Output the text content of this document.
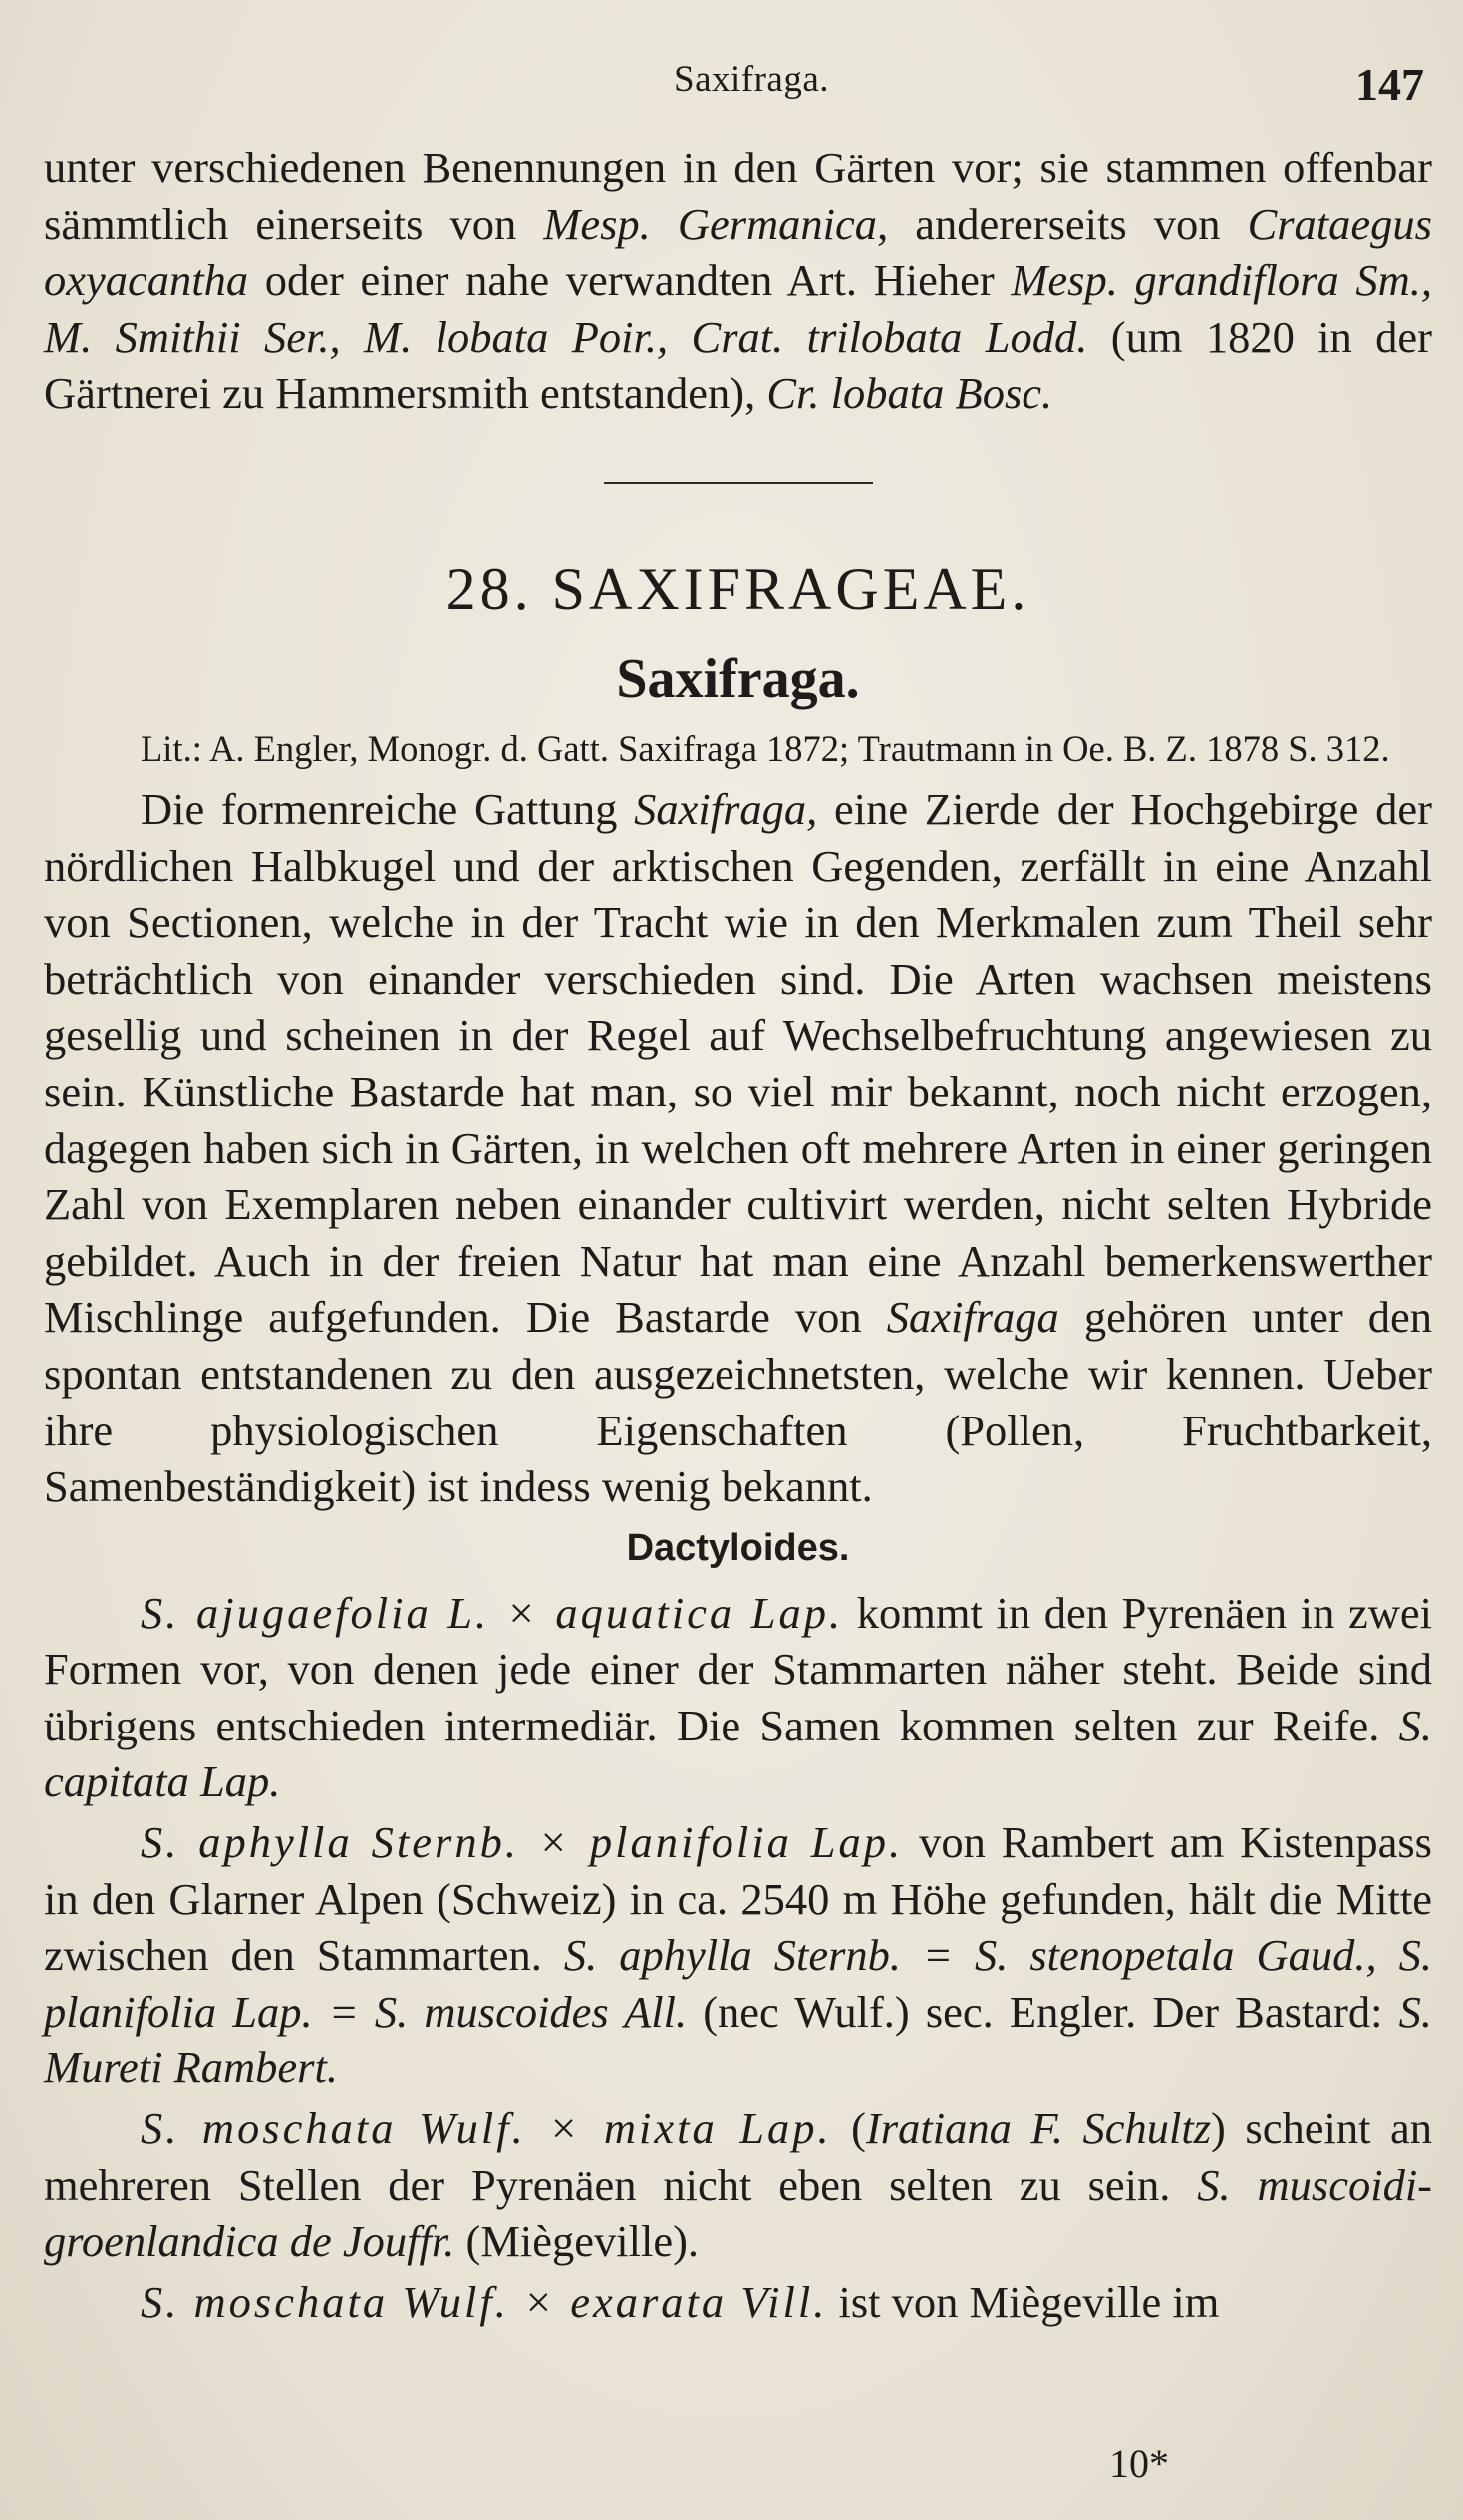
Saxifraga.	147

unter verschiedenen Benennungen in den Gärten vor; sie stammen offenbar sämmtlich einerseits von Mesp. Germanica, andererseits von Crataegus oxyacantha oder einer nahe verwandten Art. Hieher Mesp. grandiflora Sm., M. Smithii Ser., M. lobata Poir., Crat. trilobata Lodd. (um 1820 in der Gärtnerei zu Hammersmith entstanden), Cr. lobata Bosc.

28. SAXIFRAGEAE.
Saxifraga.

Lit.: A. Engler, Monogr. d. Gatt. Saxifraga 1872; Trautmann in Oe. B. Z. 1878 S. 312.

Die formenreiche Gattung Saxifraga, eine Zierde der Hochgebirge der nördlichen Halbkugel und der arktischen Gegenden, zerfällt in eine Anzahl von Sectionen, welche in der Tracht wie in den Merkmalen zum Theil sehr beträchtlich von einander verschieden sind. Die Arten wachsen meistens gesellig und scheinen in der Regel auf Wechselbefruchtung angewiesen zu sein. Künstliche Bastarde hat man, so viel mir bekannt, noch nicht erzogen, dagegen haben sich in Gärten, in welchen oft mehrere Arten in einer geringen Zahl von Exemplaren neben einander cultivirt werden, nicht selten Hybride gebildet. Auch in der freien Natur hat man eine Anzahl bemerkenswerther Mischlinge aufgefunden. Die Bastarde von Saxifraga gehören unter den spontan entstandenen zu den ausgezeichnetsten, welche wir kennen. Ueber ihre physiologischen Eigenschaften (Pollen, Fruchtbarkeit, Samenbeständigkeit) ist indess wenig bekannt.

Dactyloides.
S. ajugaefolia L. × aquatica Lap. kommt in den Pyrenäen in zwei Formen vor, von denen jede einer der Stammarten näher steht. Beide sind übrigens entschieden intermediär. Die Samen kommen selten zur Reife. S. capitata Lap.
S. aphylla Sternb. × planifolia Lap. von Rambert am Kistenpass in den Glarner Alpen (Schweiz) in ca. 2540 m Höhe gefunden, hält die Mitte zwischen den Stammarten. S. aphylla Sternb. = S. stenopetala Gaud., S. planifolia Lap. = S. muscoides All. (nec Wulf.) sec. Engler. Der Bastard: S. Mureti Rambert.
S. moschata Wulf. × mixta Lap. (Iratiana F. Schultz) scheint an mehreren Stellen der Pyrenäen nicht eben selten zu sein. S. muscoidi-groenlandica de Jouffr. (Miègeville).
S. moschata Wulf. × exarata Vill. ist von Miègeville im
10*
